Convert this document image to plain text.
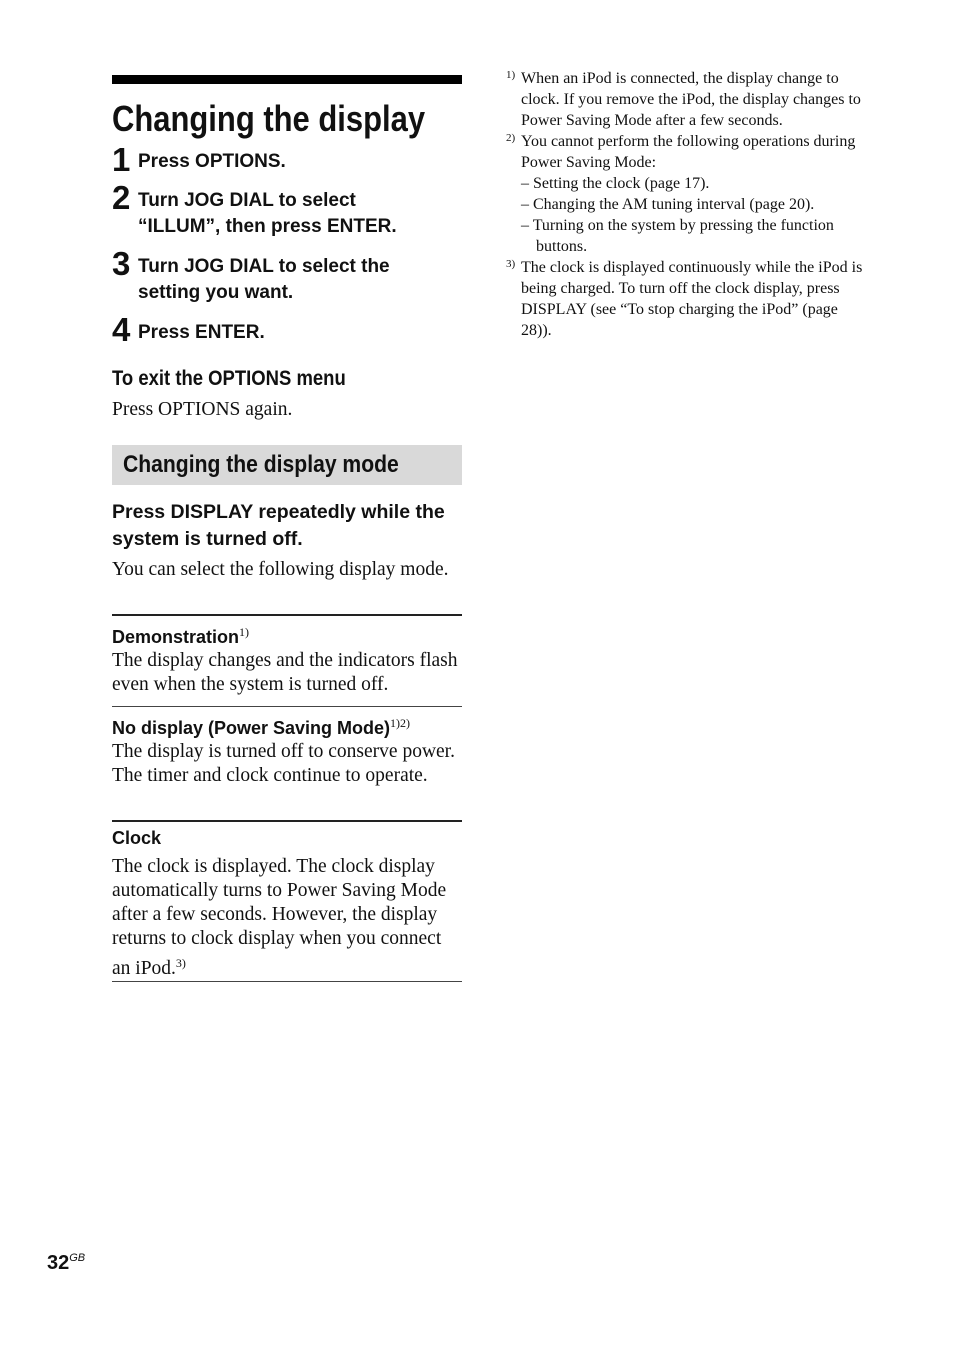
Changing the display
1 Press OPTIONS.
2 Turn JOG DIAL to select “ILLUM”, then press ENTER.
3 Turn JOG DIAL to select the setting you want.
4 Press ENTER.
To exit the OPTIONS menu
Press OPTIONS again.
Changing the display mode
Press DISPLAY repeatedly while the system is turned off.
You can select the following display mode.
Demonstration$^{1)}$
The display changes and the indicators flash even when the system is turned off.
No display (Power Saving Mode)$^{1)2)}$
The display is turned off to conserve power. The timer and clock continue to operate.
Clock
The clock is displayed. The clock display automatically turns to Power Saving Mode after a few seconds. However, the display returns to clock display when you connect an iPod.$^{3)}$
1) When an iPod is connected, the display change to clock. If you remove the iPod, the display changes to Power Saving Mode after a few seconds.
2) You cannot perform the following operations during Power Saving Mode:
– Setting the clock (page 17).
– Changing the AM tuning interval (page 20).
– Turning on the system by pressing the function buttons.
3) The clock is displayed continuously while the iPod is being charged. To turn off the clock display, press DISPLAY (see “To stop charging the iPod” (page 28)).
$32^{GB}$
